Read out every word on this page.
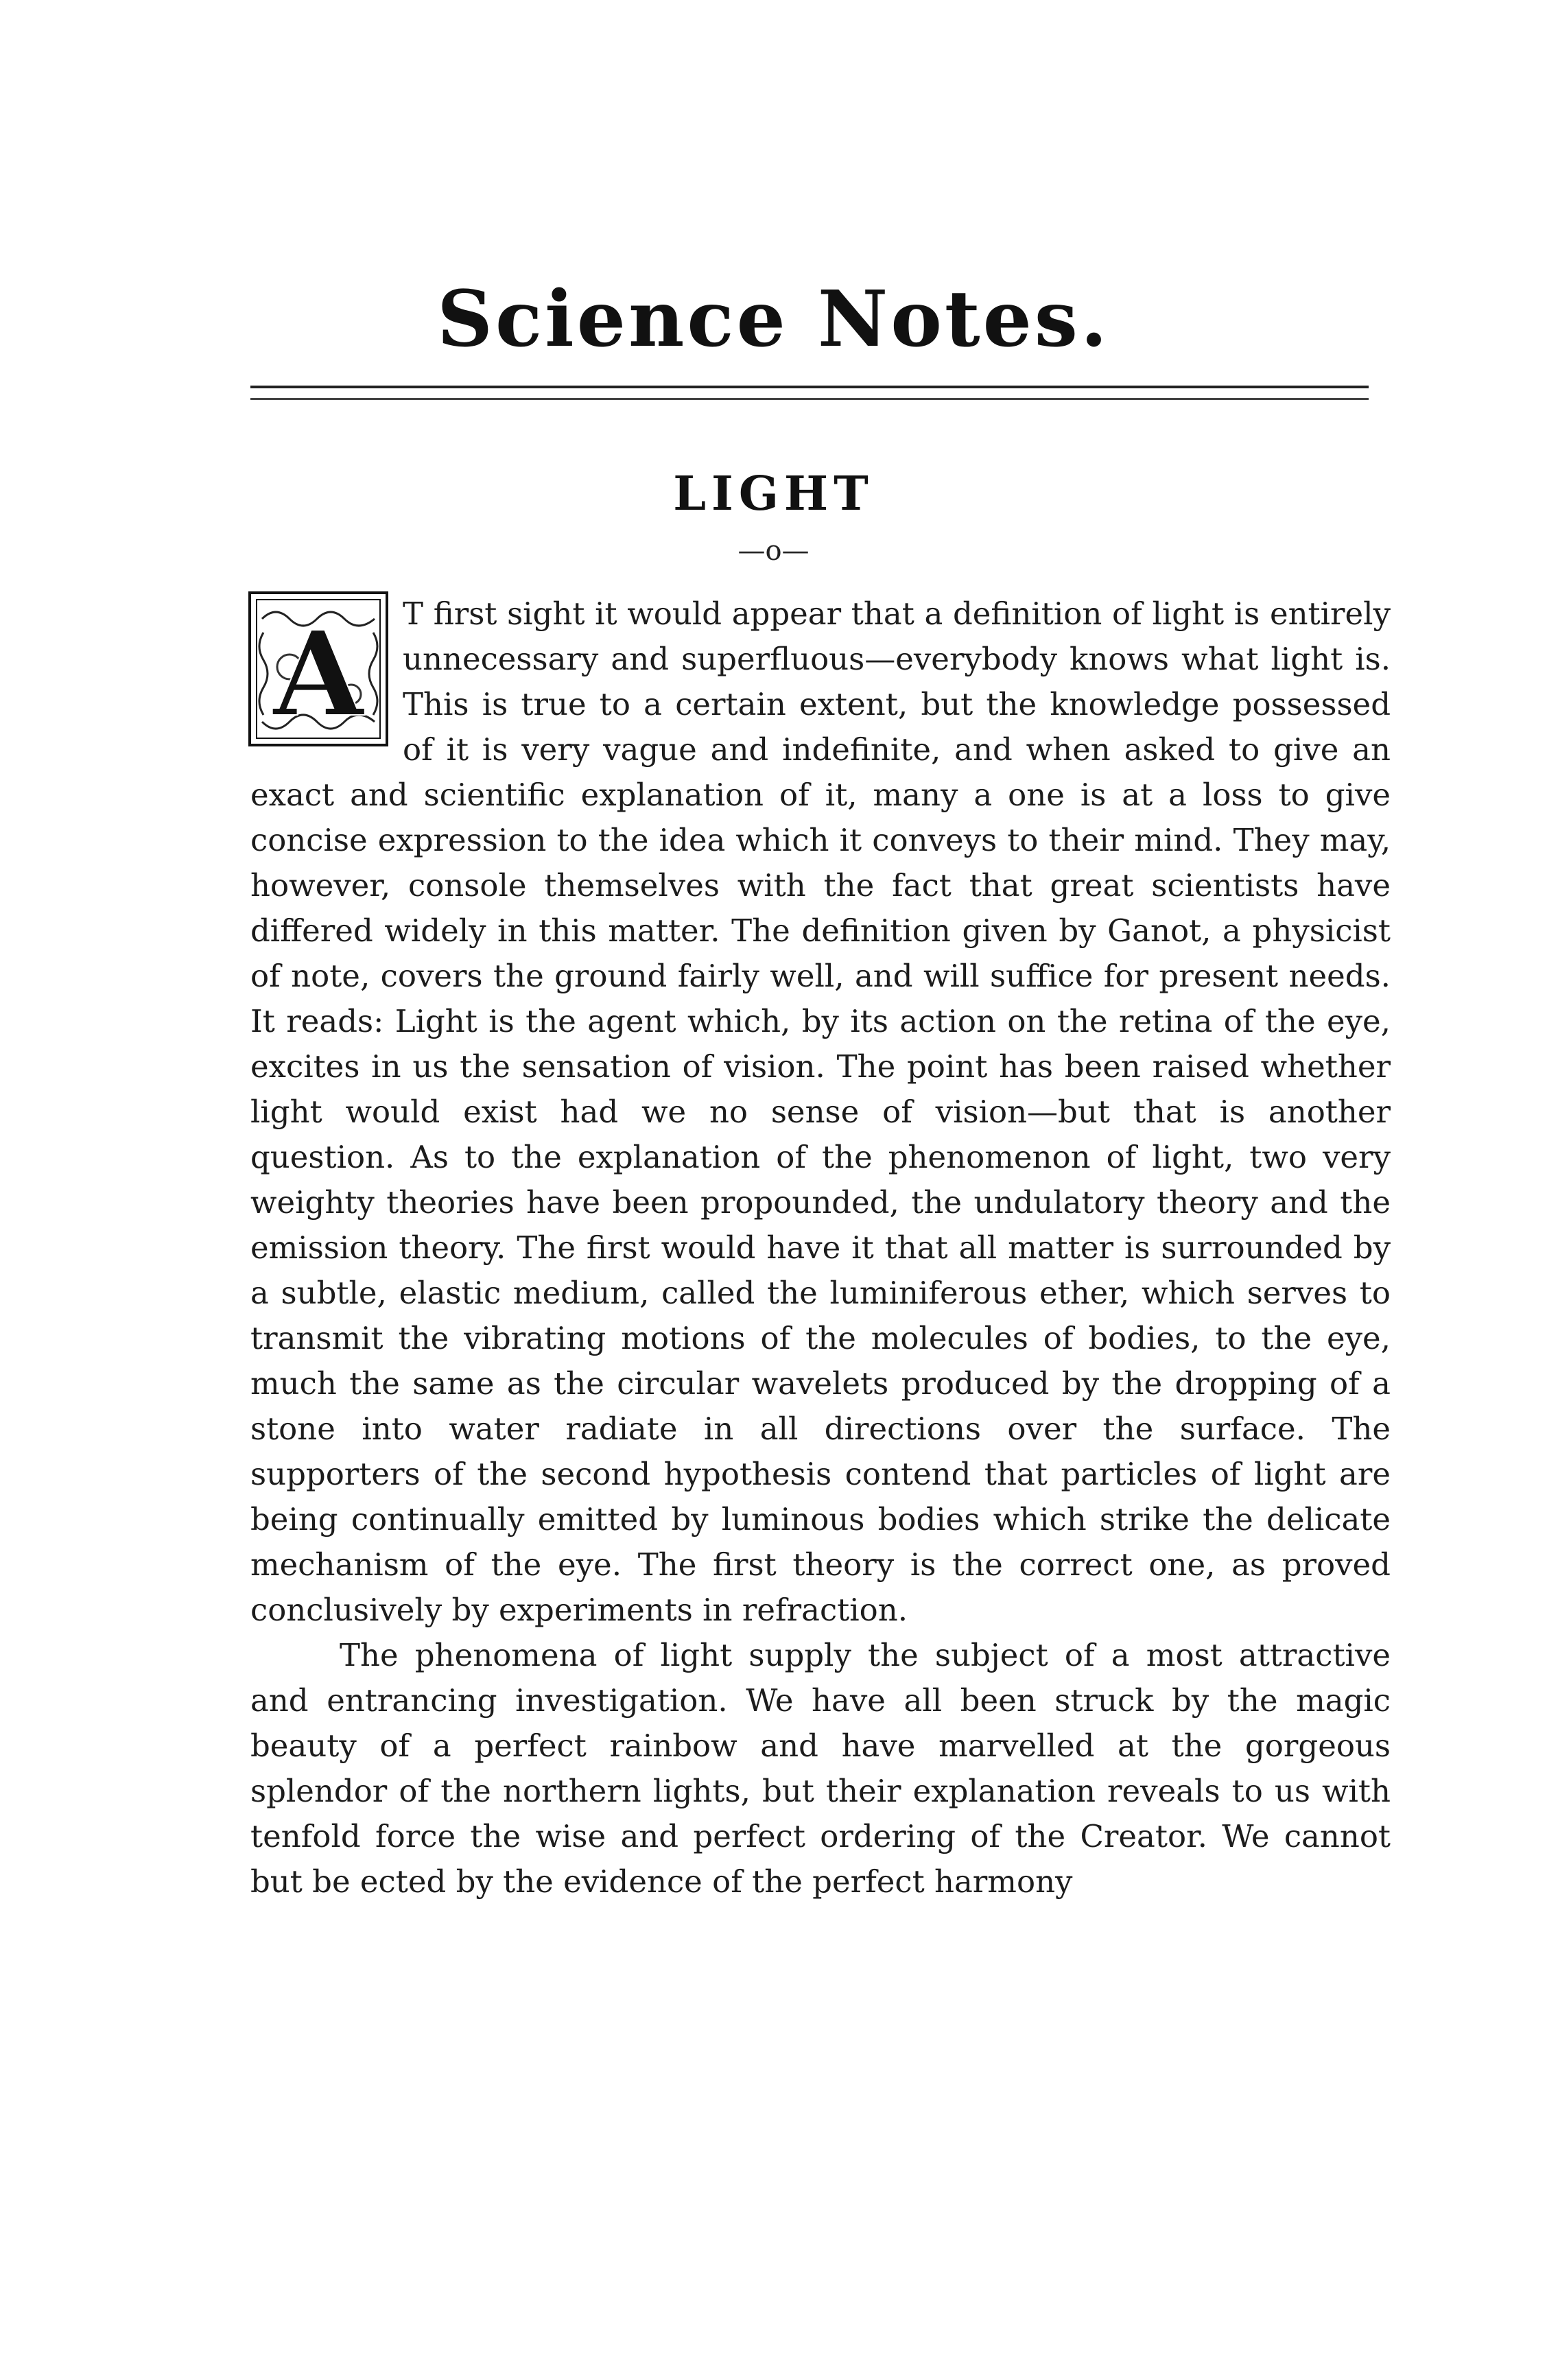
Science Notes.
LIGHT
—o—

T first sight it would appear that a definition of light is entirely unnecessary and superfluous—everybody knows what light is. This is true to a certain extent, but the knowledge possessed of it is very vague and indefinite, and when asked to give an exact and scientific explanation of it, many a one is at a loss to give concise expression to the idea which it conveys to their mind. They may, however, console themselves with the fact that great scientists have differed widely in this matter. The definition given by Ganot, a physicist of note, covers the ground fairly well, and will suffice for present needs. It reads: Light is the agent which, by its action on the retina of the eye, excites in us the sensation of vision. The point has been raised whether light would exist had we no sense of vision—but that is another question. As to the explanation of the phenomenon of light, two very weighty theories have been propounded, the undulatory theory and the emission theory. The first would have it that all matter is surrounded by a subtle, elastic medium, called the luminiferous ether, which serves to transmit the vibrating motions of the molecules of bodies, to the eye, much the same as the circular wavelets produced by the dropping of a stone into water radiate in all directions over the surface. The supporters of the second hypothesis contend that particles of light are being continually emitted by luminous bodies which strike the delicate mechanism of the eye. The first theory is the correct one, as proved conclusively by experiments in refraction.

The phenomena of light supply the subject of a most attractive and entrancing investigation. We have all been struck by the magic beauty of a perfect rainbow and have marvelled at the gorgeous splendor of the northern lights, but their explanation reveals to us with tenfold force the wise and perfect ordering of the Creator. We cannot but be ected by the evidence of the perfect harmony

A
